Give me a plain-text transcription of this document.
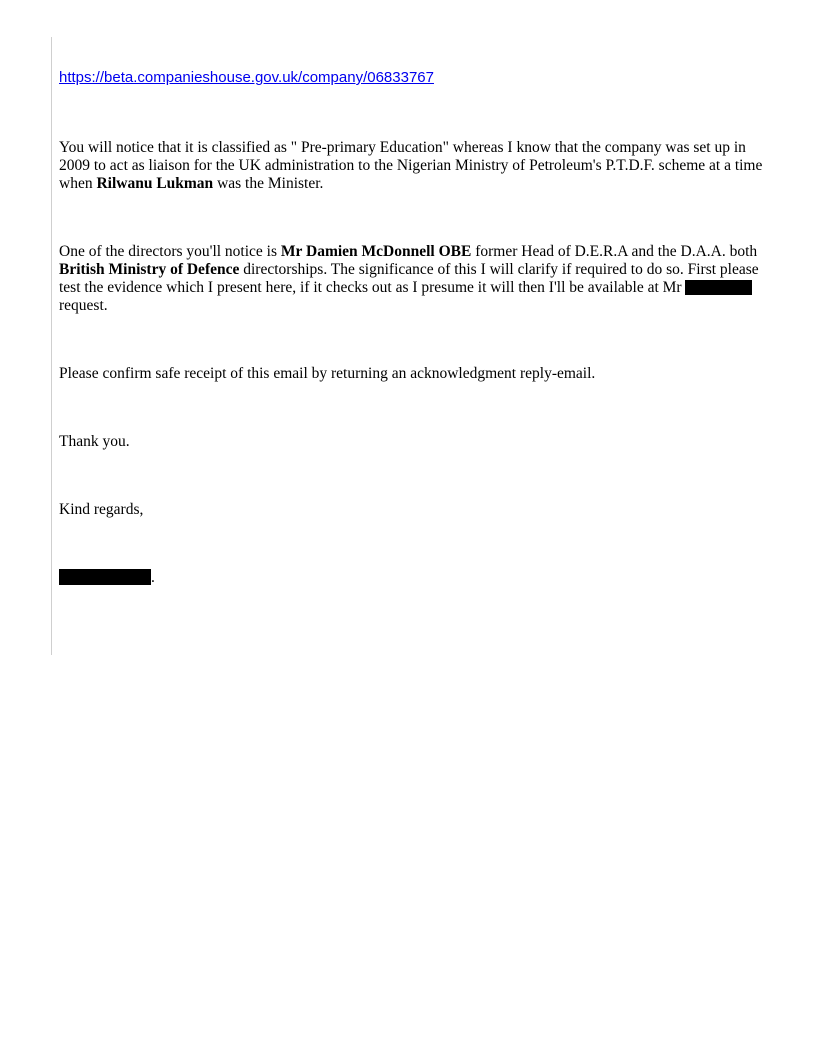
https://beta.companieshouse.gov.uk/company/06833767

You will notice that it is classified as " Pre-primary Education" whereas I know that the company was set up in 2009 to act as liaison for the UK administration to the Nigerian Ministry of Petroleum's P.T.D.F. scheme at a time when Rilwanu Lukman was the Minister.

One of the directors you'll notice is Mr Damien McDonnell OBE former Head of D.E.R.A and the D.A.A. both British Ministry of Defence directorships. The significance of this I will clarify if required to do so. First please test the evidence which I present here, if it checks out as I presume it will then I'll be available at Mr  request.

Please confirm safe receipt of this email by returning an acknowledgment reply-email.

Thank you.

Kind regards,

.
